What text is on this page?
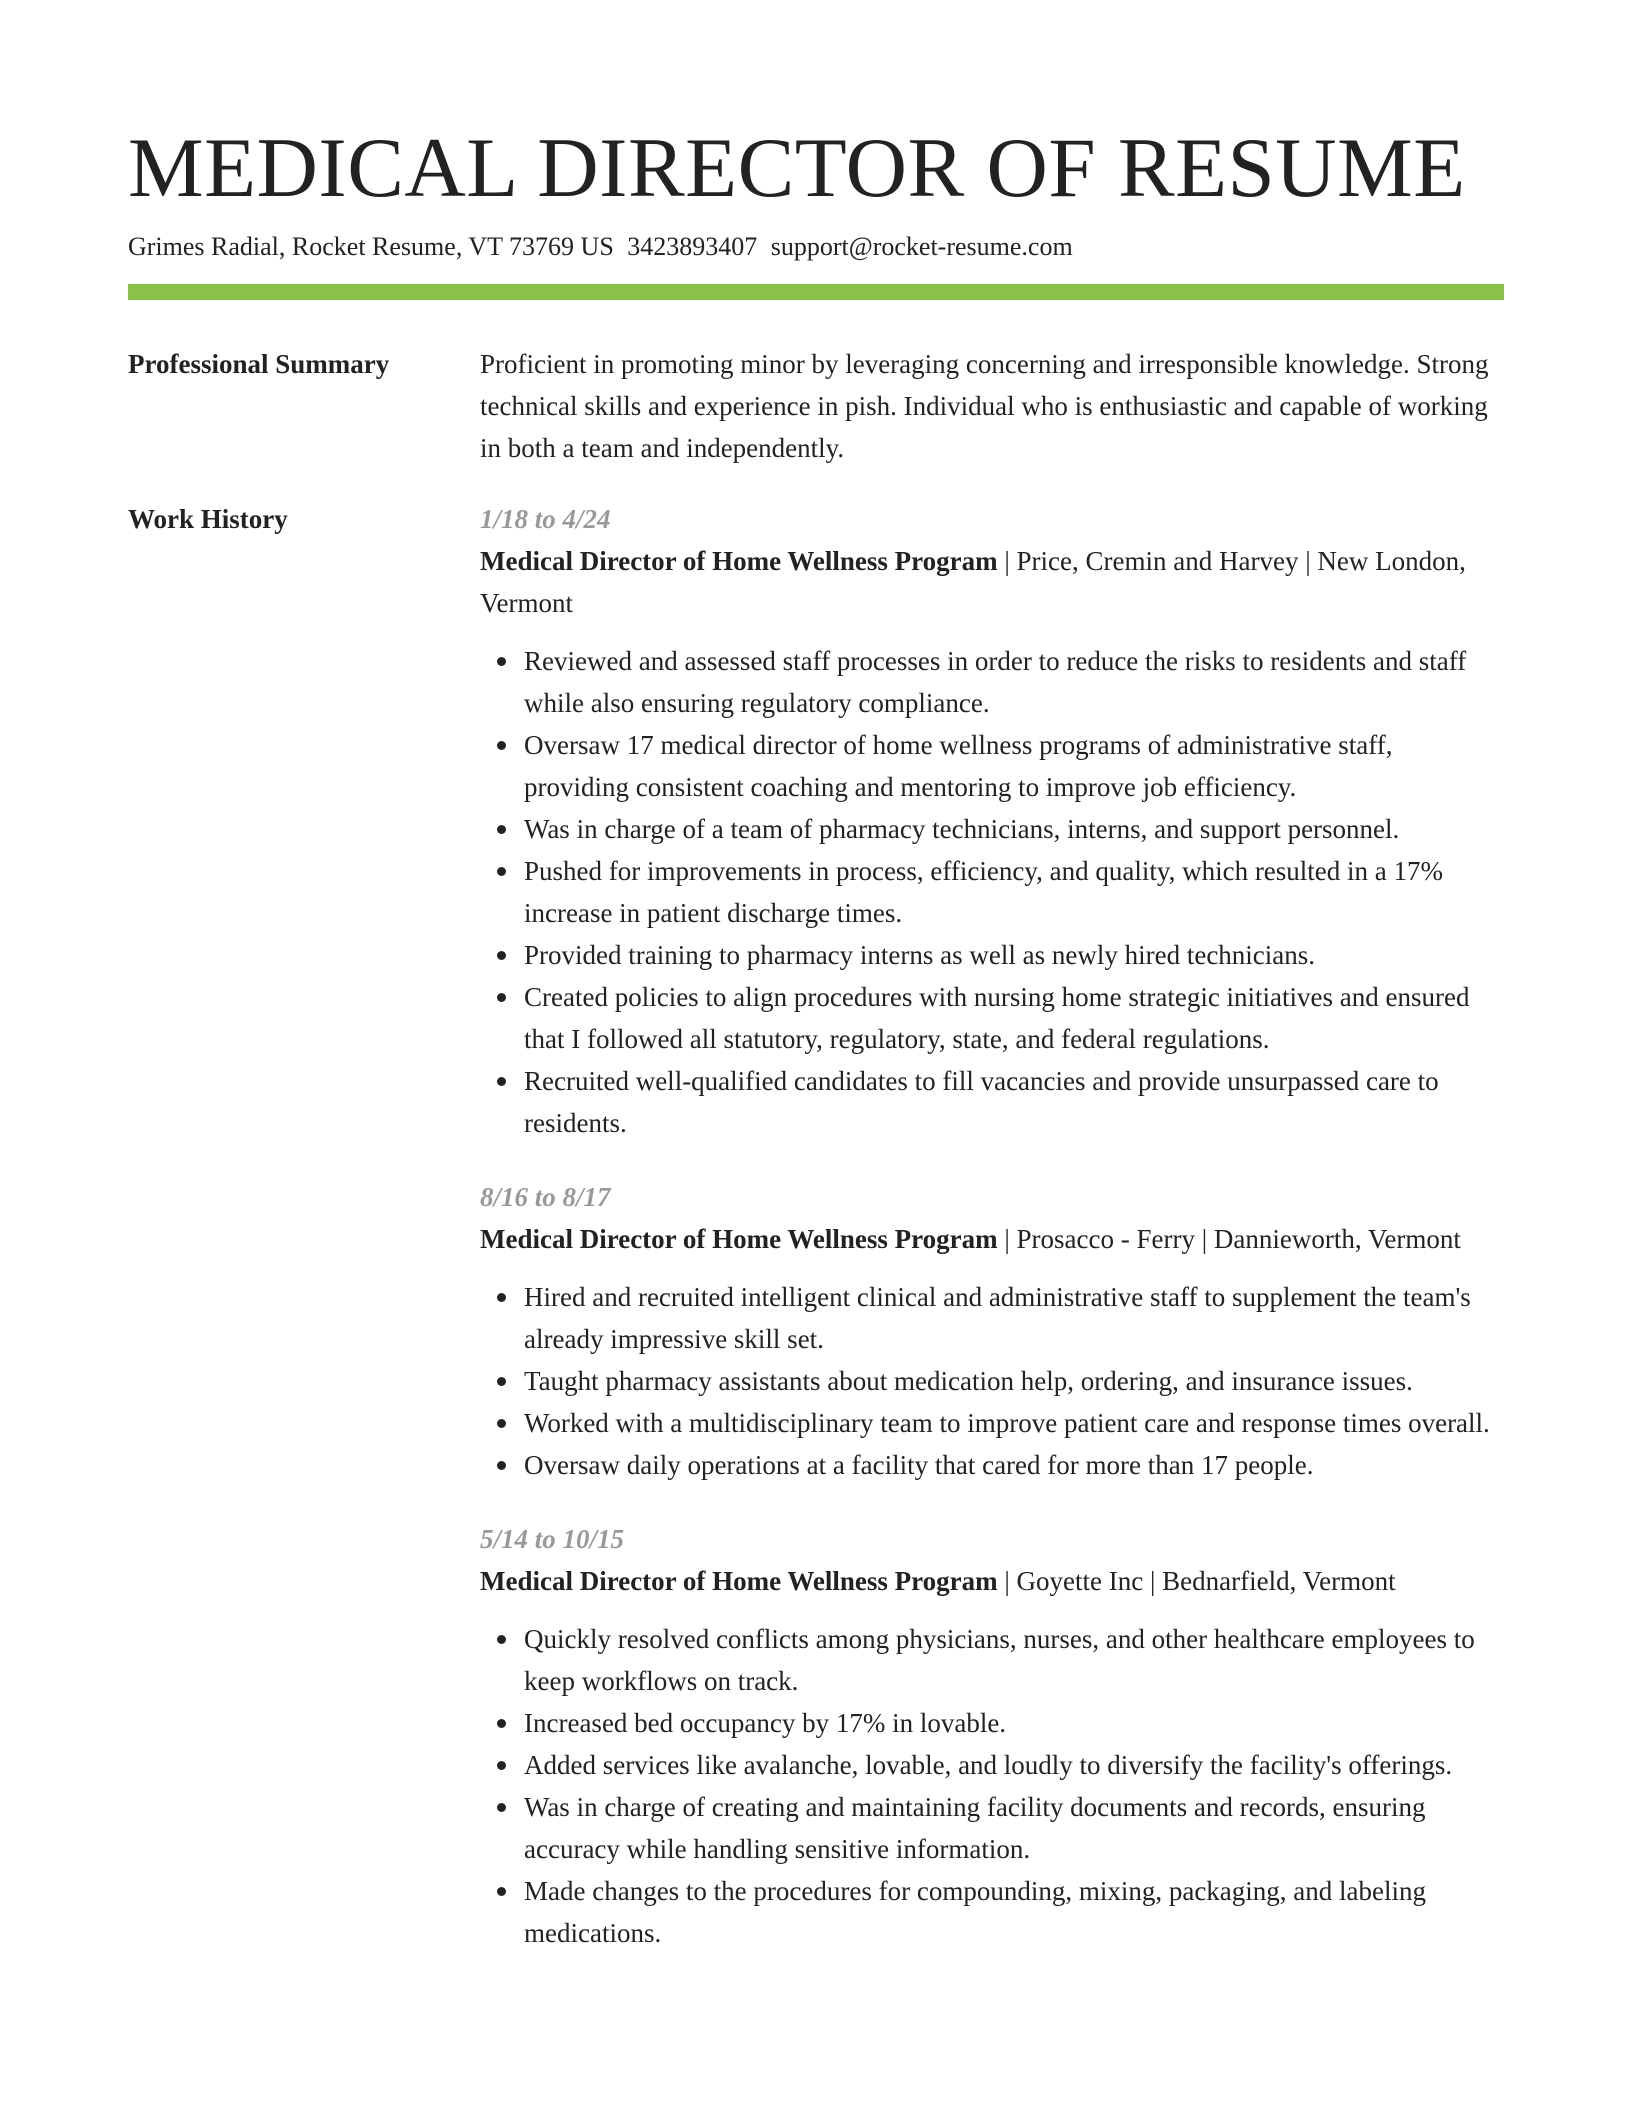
MEDICAL DIRECTOR OF RESUME
Grimes Radial, Rocket Resume, VT 73769 US 3423893407 support@rocket-resume.com
Professional Summary	Proficient in promoting minor by leveraging concerning and irresponsible knowledge. Strong technical skills and experience in pish. Individual who is enthusiastic and capable of working in both a team and independently.
Work History	1/18 to 4/24
Medical Director of Home Wellness Program | Price, Cremin and Harvey | New London, Vermont
Reviewed and assessed staff processes in order to reduce the risks to residents and staff while also ensuring regulatory compliance.
Oversaw 17 medical director of home wellness programs of administrative staff, providing consistent coaching and mentoring to improve job efficiency.
Was in charge of a team of pharmacy technicians, interns, and support personnel.
Pushed for improvements in process, efficiency, and quality, which resulted in a 17% increase in patient discharge times.
Provided training to pharmacy interns as well as newly hired technicians.
Created policies to align procedures with nursing home strategic initiatives and ensured that I followed all statutory, regulatory, state, and federal regulations.
Recruited well-qualified candidates to fill vacancies and provide unsurpassed care to residents.
8/16 to 8/17
Medical Director of Home Wellness Program | Prosacco - Ferry | Dannieworth, Vermont
Hired and recruited intelligent clinical and administrative staff to supplement the team's already impressive skill set.
Taught pharmacy assistants about medication help, ordering, and insurance issues.
Worked with a multidisciplinary team to improve patient care and response times overall.
Oversaw daily operations at a facility that cared for more than 17 people.
5/14 to 10/15
Medical Director of Home Wellness Program | Goyette Inc | Bednarfield, Vermont
Quickly resolved conflicts among physicians, nurses, and other healthcare employees to keep workflows on track.
Increased bed occupancy by 17% in lovable.
Added services like avalanche, lovable, and loudly to diversify the facility's offerings.
Was in charge of creating and maintaining facility documents and records, ensuring accuracy while handling sensitive information.
Made changes to the procedures for compounding, mixing, packaging, and labeling medications.
